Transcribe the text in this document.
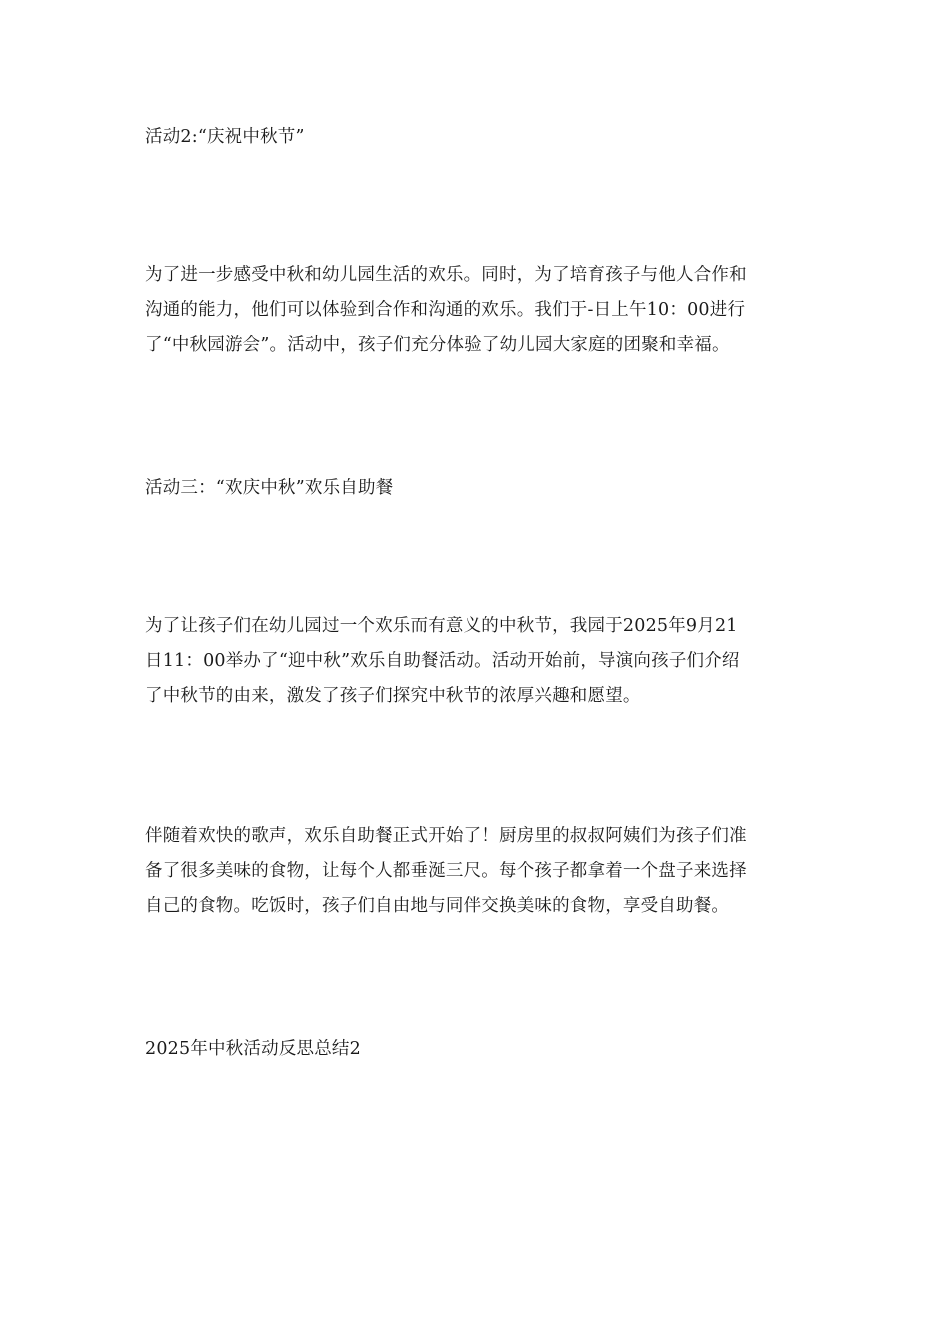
活动2:“庆祝中秋节”
为了进一步感受中秋和幼儿园生活的欢乐。同时，为了培育孩子与他人合作和
沟通的能力，他们可以体验到合作和沟通的欢乐。我们于-日上午10：00进行
了“中秋园游会”。活动中，孩子们充分体验了幼儿园大家庭的团聚和幸福。
活动三：“欢庆中秋”欢乐自助餐
为了让孩子们在幼儿园过一个欢乐而有意义的中秋节，我园于2025年9月21
日11：00举办了“迎中秋”欢乐自助餐活动。活动开始前，导演向孩子们介绍
了中秋节的由来，激发了孩子们探究中秋节的浓厚兴趣和愿望。
伴随着欢快的歌声，欢乐自助餐正式开始了！厨房里的叔叔阿姨们为孩子们准
备了很多美味的食物，让每个人都垂涎三尺。每个孩子都拿着一个盘子来选择
自己的食物。吃饭时，孩子们自由地与同伴交换美味的食物，享受自助餐。
2025年中秋活动反思总结2
